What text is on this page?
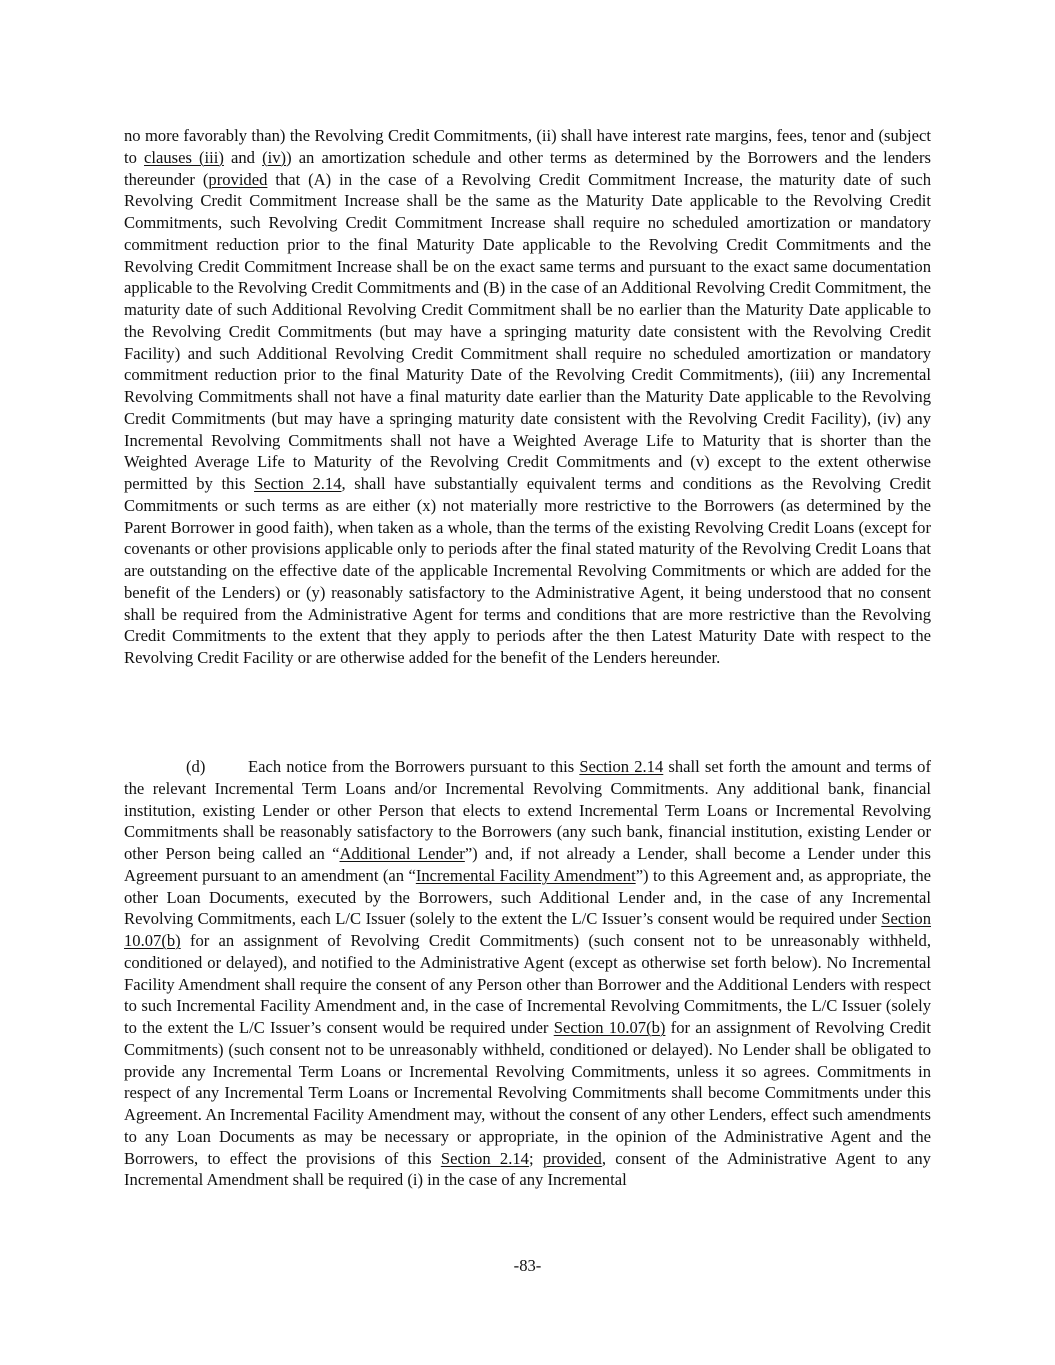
no more favorably than) the Revolving Credit Commitments, (ii) shall have interest rate margins, fees, tenor and (subject to clauses (iii) and (iv)) an amortization schedule and other terms as determined by the Borrowers and the lenders thereunder (provided that (A) in the case of a Revolving Credit Commitment Increase, the maturity date of such Revolving Credit Commitment Increase shall be the same as the Maturity Date applicable to the Revolving Credit Commitments, such Revolving Credit Commitment Increase shall require no scheduled amortization or mandatory commitment reduction prior to the final Maturity Date applicable to the Revolving Credit Commitments and the Revolving Credit Commitment Increase shall be on the exact same terms and pursuant to the exact same documentation applicable to the Revolving Credit Commitments and (B) in the case of an Additional Revolving Credit Commitment, the maturity date of such Additional Revolving Credit Commitment shall be no earlier than the Maturity Date applicable to the Revolving Credit Commitments (but may have a springing maturity date consistent with the Revolving Credit Facility) and such Additional Revolving Credit Commitment shall require no scheduled amortization or mandatory commitment reduction prior to the final Maturity Date of the Revolving Credit Commitments), (iii) any Incremental Revolving Commitments shall not have a final maturity date earlier than the Maturity Date applicable to the Revolving Credit Commitments (but may have a springing maturity date consistent with the Revolving Credit Facility), (iv) any Incremental Revolving Commitments shall not have a Weighted Average Life to Maturity that is shorter than the Weighted Average Life to Maturity of the Revolving Credit Commitments and (v) except to the extent otherwise permitted by this Section 2.14, shall have substantially equivalent terms and conditions as the Revolving Credit Commitments or such terms as are either (x) not materially more restrictive to the Borrowers (as determined by the Parent Borrower in good faith), when taken as a whole, than the terms of the existing Revolving Credit Loans (except for covenants or other provisions applicable only to periods after the final stated maturity of the Revolving Credit Loans that are outstanding on the effective date of the applicable Incremental Revolving Commitments or which are added for the benefit of the Lenders) or (y) reasonably satisfactory to the Administrative Agent, it being understood that no consent shall be required from the Administrative Agent for terms and conditions that are more restrictive than the Revolving Credit Commitments to the extent that they apply to periods after the then Latest Maturity Date with respect to the Revolving Credit Facility or are otherwise added for the benefit of the Lenders hereunder.
(d)	Each notice from the Borrowers pursuant to this Section 2.14 shall set forth the amount and terms of the relevant Incremental Term Loans and/or Incremental Revolving Commitments. Any additional bank, financial institution, existing Lender or other Person that elects to extend Incremental Term Loans or Incremental Revolving Commitments shall be reasonably satisfactory to the Borrowers (any such bank, financial institution, existing Lender or other Person being called an “Additional Lender”) and, if not already a Lender, shall become a Lender under this Agreement pursuant to an amendment (an “Incremental Facility Amendment”) to this Agreement and, as appropriate, the other Loan Documents, executed by the Borrowers, such Additional Lender and, in the case of any Incremental Revolving Commitments, each L/C Issuer (solely to the extent the L/C Issuer’s consent would be required under Section 10.07(b) for an assignment of Revolving Credit Commitments) (such consent not to be unreasonably withheld, conditioned or delayed), and notified to the Administrative Agent (except as otherwise set forth below). No Incremental Facility Amendment shall require the consent of any Person other than Borrower and the Additional Lenders with respect to such Incremental Facility Amendment and, in the case of Incremental Revolving Commitments, the L/C Issuer (solely to the extent the L/C Issuer’s consent would be required under Section 10.07(b) for an assignment of Revolving Credit Commitments) (such consent not to be unreasonably withheld, conditioned or delayed). No Lender shall be obligated to provide any Incremental Term Loans or Incremental Revolving Commitments, unless it so agrees. Commitments in respect of any Incremental Term Loans or Incremental Revolving Commitments shall become Commitments under this Agreement. An Incremental Facility Amendment may, without the consent of any other Lenders, effect such amendments to any Loan Documents as may be necessary or appropriate, in the opinion of the Administrative Agent and the Borrowers, to effect the provisions of this Section 2.14; provided, consent of the Administrative Agent to any Incremental Amendment shall be required (i) in the case of any Incremental
-83-
